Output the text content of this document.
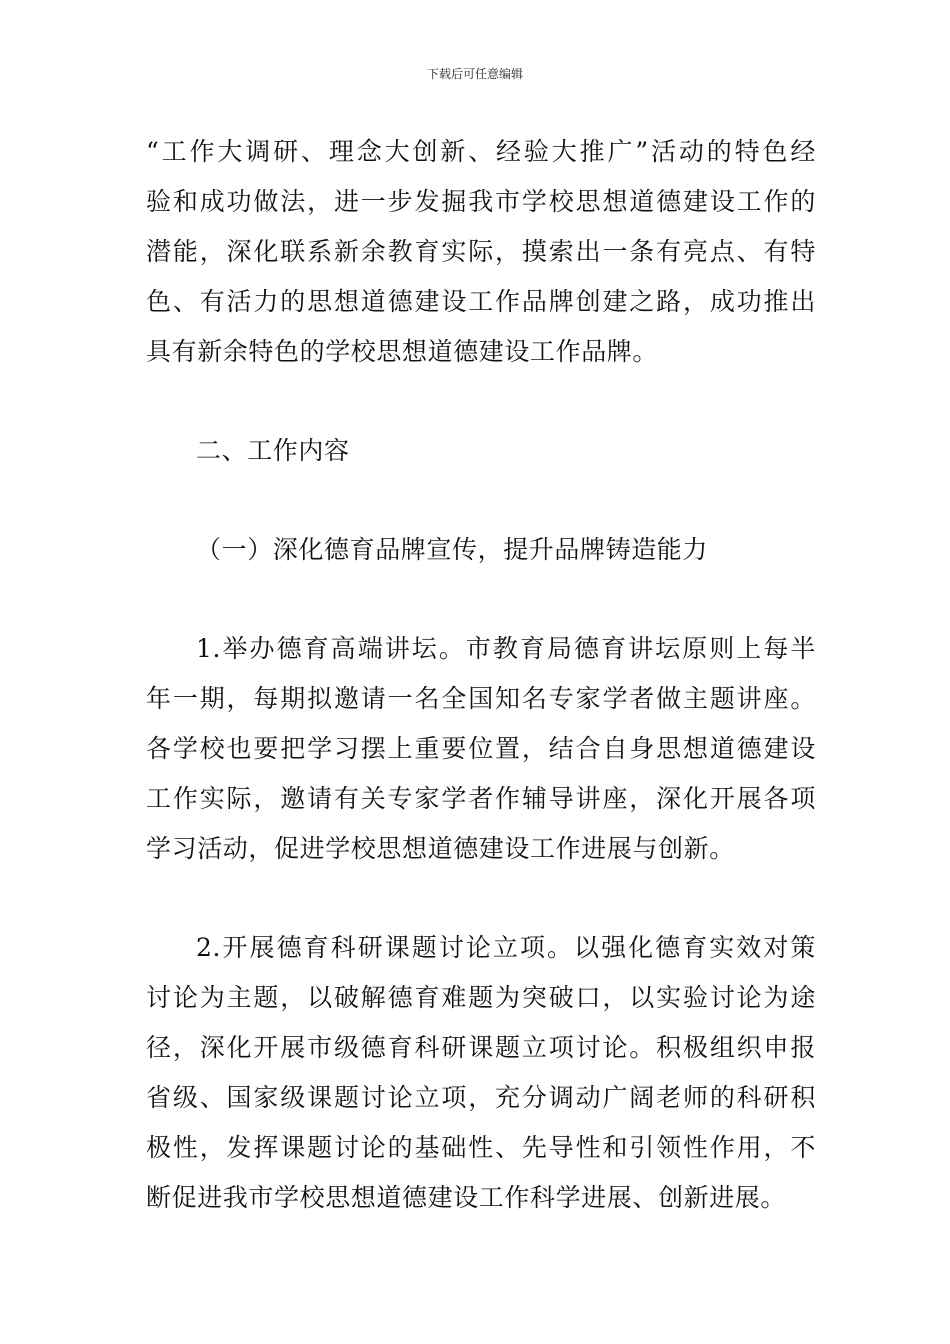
下载后可任意编辑
“工作大调研、理念大创新、经验大推广”活动的特色经
验和成功做法，进一步发掘我市学校思想道德建设工作的
潜能，深化联系新余教育实际，摸索出一条有亮点、有特
色、有活力的思想道德建设工作品牌创建之路，成功推出
具有新余特色的学校思想道德建设工作品牌。
二、工作内容
（一）深化德育品牌宣传，提升品牌铸造能力
1.举办德育高端讲坛。市教育局德育讲坛原则上每半
年一期，每期拟邀请一名全国知名专家学者做主题讲座。
各学校也要把学习摆上重要位置，结合自身思想道德建设
工作实际，邀请有关专家学者作辅导讲座，深化开展各项
学习活动，促进学校思想道德建设工作进展与创新。
2.开展德育科研课题讨论立项。以强化德育实效对策
讨论为主题，以破解德育难题为突破口，以实验讨论为途
径，深化开展市级德育科研课题立项讨论。积极组织申报
省级、国家级课题讨论立项，充分调动广阔老师的科研积
极性，发挥课题讨论的基础性、先导性和引领性作用，不
断促进我市学校思想道德建设工作科学进展、创新进展。
